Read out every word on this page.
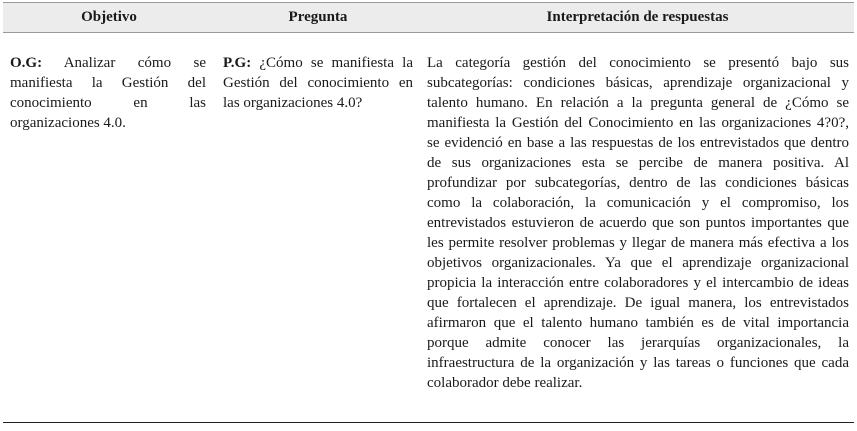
Objetivo	Pregunta	Interpretación de respuestas
O.G: Analizar cómo se manifiesta la Gestión del conocimiento en las organizaciones 4.0.
P.G: ¿Cómo se manifiesta la Gestión del conocimiento en las organizaciones 4.0?
La categoría gestión del conocimiento se presentó bajo sus subcategorías: condiciones básicas, aprendizaje organizacional y talento humano. En relación a la pregunta general de ¿Cómo se manifiesta la Gestión del Conocimiento en las organizaciones 4?0?, se evidenció en base a las respuestas de los entrevistados que dentro de sus organizaciones esta se percibe de manera positiva. Al profundizar por subcategorías, dentro de las condiciones básicas como la colaboración, la comunicación y el compromiso, los entrevistados estuvieron de acuerdo que son puntos importantes que les permite resolver problemas y llegar de manera más efectiva a los objetivos organizacionales. Ya que el aprendizaje organizacional propicia la interacción entre colaboradores y el intercambio de ideas que fortalecen el aprendizaje. De igual manera, los entrevistados afirmaron que el talento humano también es de vital importancia porque admite conocer las jerarquías organizacionales, la infraestructura de la organización y las tareas o funciones que cada colaborador debe realizar.
